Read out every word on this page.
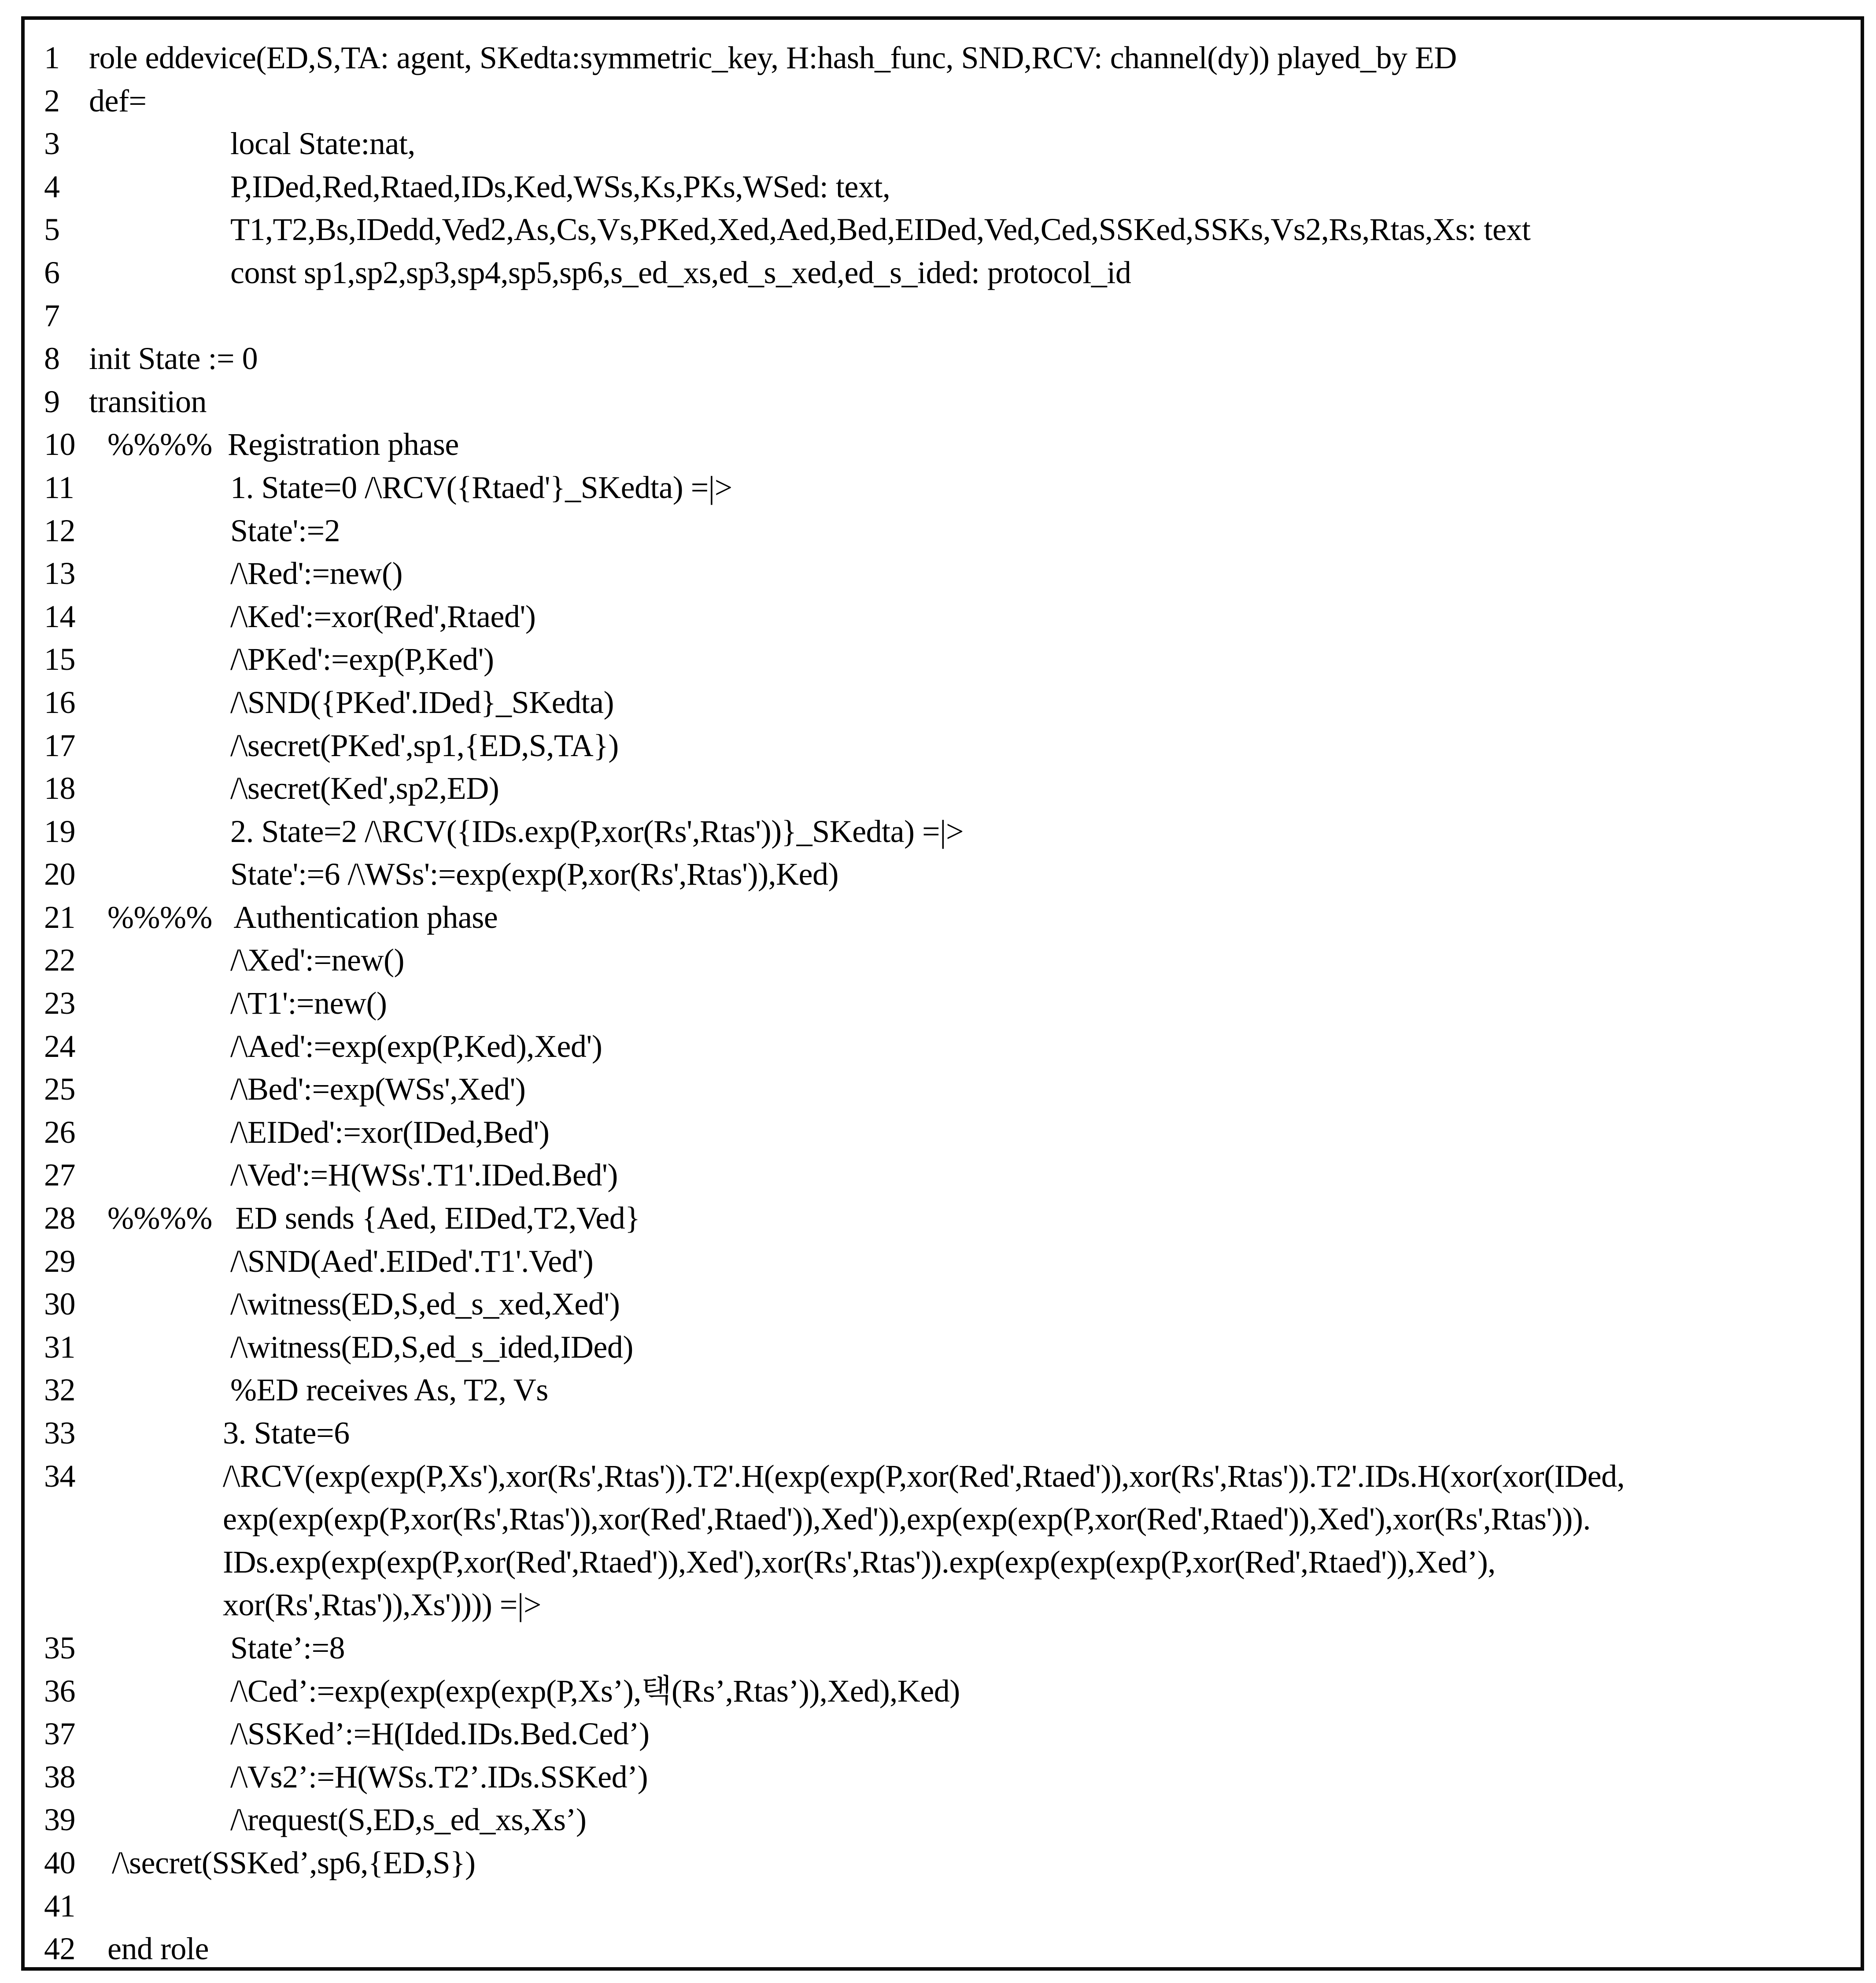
1 role eddevice(ED,S,TA: agent, SKedta:symmetric_key, H:hash_func, SND,RCV: channel(dy)) played_by ED
2 def=
3	local State:nat,
4	P,IDed,Red,Rtaed,IDs,Ked,WSs,Ks,PKs,WSed: text,
5	T1,T2,Bs,IDedd,Ved2,As,Cs,Vs,PKed,Xed,Aed,Bed,EIDed,Ved,Ced,SSKed,SSKs,Vs2,Rs,Rtas,Xs: text
6	const sp1,sp2,sp3,sp4,sp5,sp6,s_ed_xs,ed_s_xed,ed_s_ided: protocol_id
7
8 init State := 0
9 transition
10 %%%%  Registration phase
11	1. State=0 /\RCV({Rtaed'}_SKedta) =|>
12	State':=2
13	/\Red':=new()
14	/\Ked':=xor(Red',Rtaed')
15	/\PKed':=exp(P,Ked')
16	/\SND({PKed'.IDed}_SKedta)
17	/\secret(PKed',sp1,{ED,S,TA})
18	/\secret(Ked',sp2,ED)
19	2. State=2 /\RCV({IDs.exp(P,xor(Rs',Rtas'))}_SKedta) =|>
20	State':=6 /\WSs':=exp(exp(P,xor(Rs',Rtas')),Ked)
21 %%%%   Authentication phase
22	/\Xed':=new()
23	/\T1':=new()
24	/\Aed':=exp(exp(P,Ked),Xed')
25	/\Bed':=exp(WSs',Xed')
26	/\EIDed':=xor(IDed,Bed')
27	/\Ved':=H(WSs'.T1'.IDed.Bed')
28 %%%%   ED sends {Aed, EIDed,T2,Ved}
29	/\SND(Aed'.EIDed'.T1'.Ved')
30	/\witness(ED,S,ed_s_xed,Xed')
31	/\witness(ED,S,ed_s_ided,IDed)
32	%ED receives As, T2, Vs
33	3. State=6
34	/\RCV(exp(exp(P,Xs'),xor(Rs',Rtas')).T2'.H(exp(exp(P,xor(Red',Rtaed')),xor(Rs',Rtas')).T2'.IDs.H(xor(xor(IDed,
exp(exp(exp(P,xor(Rs',Rtas')),xor(Red',Rtaed')),Xed')),exp(exp(exp(P,xor(Red',Rtaed')),Xed'),xor(Rs',Rtas'))).
IDs.exp(exp(exp(P,xor(Red',Rtaed')),Xed'),xor(Rs',Rtas')).exp(exp(exp(exp(P,xor(Red',Rtaed')),Xed’),
xor(Rs',Rtas')),Xs')))) =|>
35	State’:=8
36	/\Ced’:=exp(exp(exp(exp(P,Xs’),택(Rs’,Rtas’)),Xed),Ked)
37	/\SSKed’:=H(Ided.IDs.Bed.Ced’)
38	/\Vs2’:=H(WSs.T2’.IDs.SSKed’)
39	/\request(S,ED,s_ed_xs,Xs’)
40 /\secret(SSKed’,sp6,{ED,S})
41
42 end role
